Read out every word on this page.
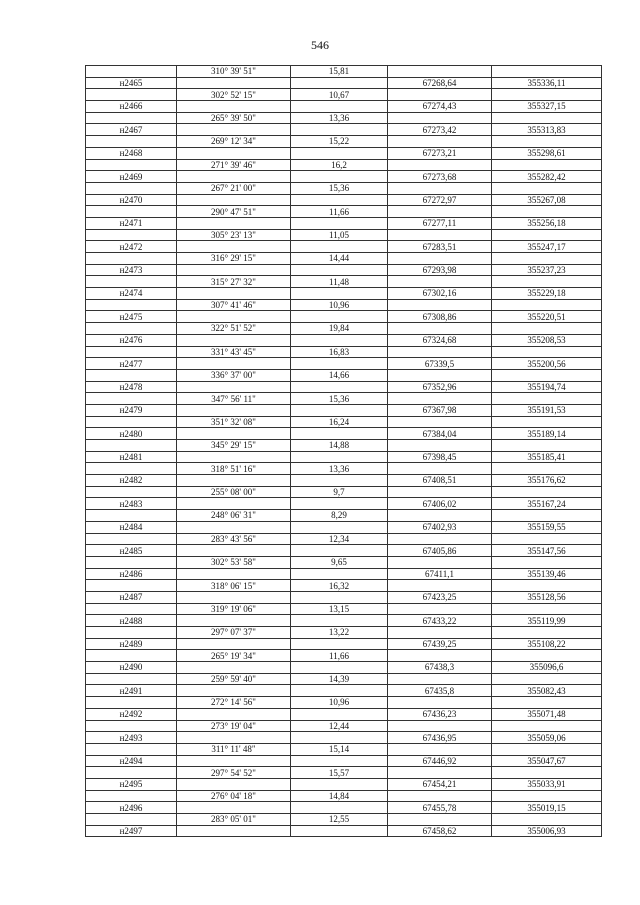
546
	310° 39' 51"	15,81		
н2465			67268,64	355336,11
	302° 52' 15"	10,67		
н2466			67274,43	355327,15
	265° 39' 50"	13,36		
н2467			67273,42	355313,83
	269° 12' 34"	15,22		
н2468			67273,21	355298,61
	271° 39' 46"	16,2		
н2469			67273,68	355282,42
	267° 21' 00"	15,36		
н2470			67272,97	355267,08
	290° 47' 51"	11,66		
н2471			67277,11	355256,18
	305° 23' 13"	11,05		
н2472			67283,51	355247,17
	316° 29' 15"	14,44		
н2473			67293,98	355237,23
	315° 27' 32"	11,48		
н2474			67302,16	355229,18
	307° 41' 46"	10,96		
н2475			67308,86	355220,51
	322° 51' 52"	19,84		
н2476			67324,68	355208,53
	331° 43' 45"	16,83		
н2477			67339,5	355200,56
	336° 37' 00"	14,66		
н2478			67352,96	355194,74
	347° 56' 11"	15,36		
н2479			67367,98	355191,53
	351° 32' 08"	16,24		
н2480			67384,04	355189,14
	345° 29' 15"	14,88		
н2481			67398,45	355185,41
	318° 51' 16"	13,36		
н2482			67408,51	355176,62
	255° 08' 00"	9,7		
н2483			67406,02	355167,24
	248° 06' 31"	8,29		
н2484			67402,93	355159,55
	283° 43' 56"	12,34		
н2485			67405,86	355147,56
	302° 53' 58"	9,65		
н2486			67411,1	355139,46
	318° 06' 15"	16,32		
н2487			67423,25	355128,56
	319° 19' 06"	13,15		
н2488			67433,22	355119,99
	297° 07' 37"	13,22		
н2489			67439,25	355108,22
	265° 19' 34"	11,66		
н2490			67438,3	355096,6
	259° 59' 40"	14,39		
н2491			67435,8	355082,43
	272° 14' 56"	10,96		
н2492			67436,23	355071,48
	273° 19' 04"	12,44		
н2493			67436,95	355059,06
	311° 11' 48"	15,14		
н2494			67446,92	355047,67
	297° 54' 52"	15,57		
н2495			67454,21	355033,91
	276° 04' 18"	14,84		
н2496			67455,78	355019,15
	283° 05' 01"	12,55		
н2497			67458,62	355006,93
